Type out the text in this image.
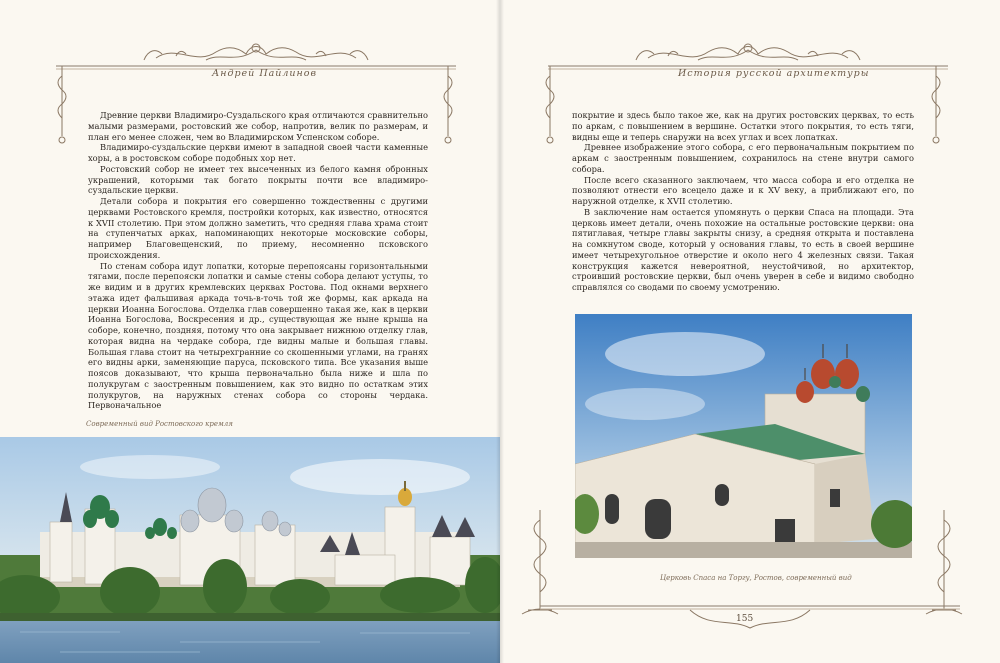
Андрей Пайлинов

Древние церкви Владимиро-Суздальского края отличаются сравнительно малыми размерами, ростовский же собор, напротив, велик по размерам, и план его менее сложен, чем во Владимирском Успенском соборе.

Владимиро-суздальские церкви имеют в западной своей части каменные хоры, а в ростовском соборе подобных хор нет.

Ростовский собор не имеет тех высеченных из белого камня обронных украшений, которыми так богато покрыты почти все владимиро-суздальские церкви.

Детали собора и покрытия его совершенно тождественны с другими церквами Ростовского кремля, постройки которых, как известно, относятся к XVII столетию. При этом должно заметить, что средняя глава храма стоит на ступенчатых арках, напоминающих некоторые московские соборы, например Благовещенский, по приему, несомненно псковского происхождения.

По стенам собора идут лопатки, которые перепоясаны горизонтальными тягами, после перепояски лопатки и самые стены собора делают уступы, то же видим и в других кремлевских церквах Ростова. Под окнами верхнего этажа идет фальшивая аркада точь-в-точь той же формы, как аркада на церкви Иоанна Богослова. Отделка глав совершенно такая же, как в церкви Иоанна Богослова, Воскресения и др., существующая же ныне крыша на соборе, конечно, поздняя, потому что она закрывает нижнюю отделку глав, которая видна на чердаке собора, где видны малые и большая главы. Большая глава стоит на четырехгранние со скошенными углами, на гранях его видны арки, заменяющие паруса, псковского типа. Все указания выше поясов доказывают, что крыша первоначально была ниже и шла по полукругам с заостренным повышением, как это видно по остаткам этих полукругов, на наружных стенах собора со стороны чердака. Первоначальное

Современный вид Ростовского кремля
История русской архитектуры

покрытие и здесь было такое же, как на других ростовских церквах, то есть по аркам, с повышением в вершине. Остатки этого покрытия, то есть тяги, видны еще и теперь снаружи на всех углах и всех лопатках.

Древнее изображение этого собора, с его первоначальным покрытием по аркам с заостренным повышением, сохранилось на стене внутри самого собора.

После всего сказанного заключаем, что масса собора и его отделка не позволяют отнести его всецело даже и к XV веку, а приближают его, по наружной отделке, к XVII столетию.

В заключение нам остается упомянуть о церкви Спаса на площади. Эта церковь имеет детали, очень похожие на остальные ростовские церкви: она пятиглавая, четыре главы закрыты снизу, а средняя открыта и поставлена на сомкнутом своде, который у основания главы, то есть в своей вершине имеет четырехугольное отверстие и около него 4 железных связи. Такая конструкция кажется невероятной, неустойчивой, но архитектор, строивший ростовские церкви, был очень уверен в себе и видимо свободно справлялся со сводами по своему усмотрению.

Церковь Спаса на Торгу, Ростов, современный вид
155
